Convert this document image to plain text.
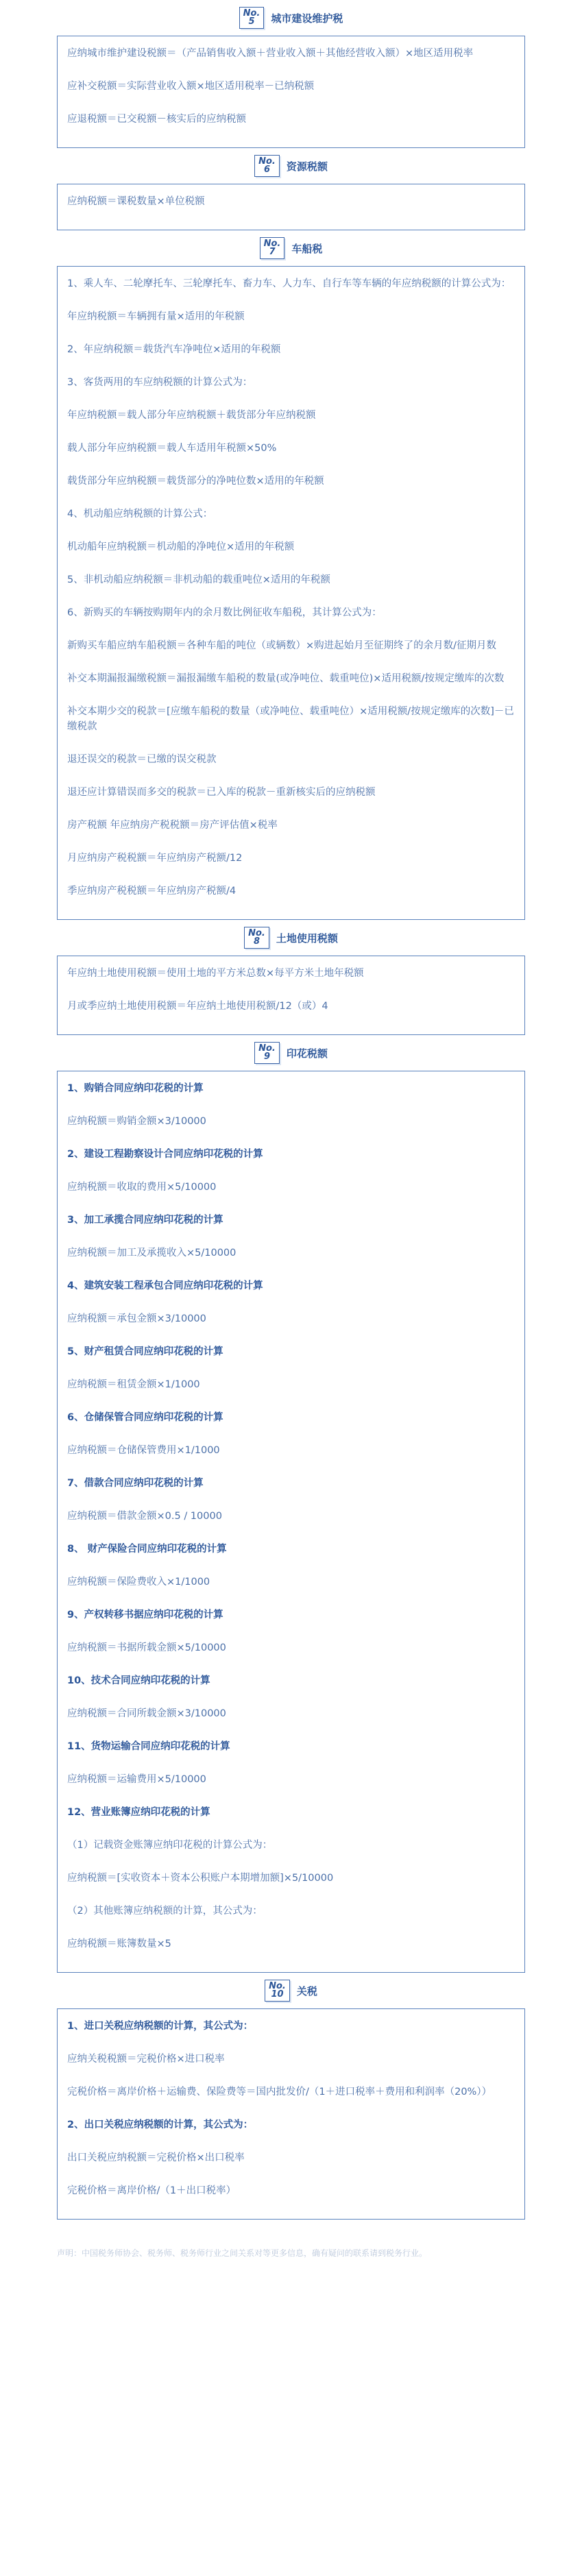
No.
5	城市建设维护税

应纳城市维护建设税额＝（产品销售收入额＋营业收入额＋其他经营收入额）×地区适用税率

应补交税额＝实际营业收入额×地区适用税率－已纳税额

应退税额＝已交税额－核实后的应纳税额

No.
6	资源税额

应纳税额＝课税数量×单位税额

No.
7	车船税

1、乘人车、二轮摩托车、三轮摩托车、畜力车、人力车、自行车等车辆的年应纳税额的计算公式为：

年应纳税额＝车辆拥有量×适用的年税额

2、年应纳税额＝载货汽车净吨位×适用的年税额

3、客货两用的车应纳税额的计算公式为：

年应纳税额＝载人部分年应纳税额＋载货部分年应纳税额

载人部分年应纳税额＝载人车适用年税额×50%

载货部分年应纳税额＝载货部分的净吨位数×适用的年税额

4、机动船应纳税额的计算公式：

机动船年应纳税额＝机动船的净吨位×适用的年税额

5、非机动船应纳税额＝非机动船的载重吨位×适用的年税额

6、新购买的车辆按购期年内的余月数比例征收车船税，其计算公式为：

新购买车船应纳车船税额＝各种车船的吨位（或辆数）×购进起始月至征期终了的余月数/征期月数

补交本期漏报漏缴税额＝漏报漏缴车船税的数量(或净吨位、载重吨位)×适用税额/按规定缴库的次数

补交本期少交的税款＝[应缴车船税的数量（或净吨位、载重吨位）×适用税额/按规定缴库的次数]－已缴税款

退还误交的税款＝已缴的误交税款

退还应计算错误而多交的税款＝已入库的税款－重新核实后的应纳税额

房产税额 年应纳房产税税额＝房产评估值×税率

月应纳房产税税额＝年应纳房产税额/12

季应纳房产税税额＝年应纳房产税额/4

No.
8	土地使用税额

年应纳土地使用税额＝使用土地的平方米总数×每平方米土地年税额

月或季应纳土地使用税额＝年应纳土地使用税额/12（或）4

No.
9	印花税额

1、购销合同应纳印花税的计算

应纳税额＝购销金额×3/10000

2、建设工程勘察设计合同应纳印花税的计算

应纳税额＝收取的费用×5/10000

3、加工承揽合同应纳印花税的计算

应纳税额＝加工及承揽收入×5/10000

4、建筑安装工程承包合同应纳印花税的计算

应纳税额＝承包金额×3/10000

5、财产租赁合同应纳印花税的计算

应纳税额＝租赁金额×1/1000

6、仓储保管合同应纳印花税的计算

应纳税额＝仓储保管费用×1/1000

7、借款合同应纳印花税的计算

应纳税额＝借款金额×0.5 / 10000

8、 财产保险合同应纳印花税的计算

应纳税额＝保险费收入×1/1000

9、产权转移书据应纳印花税的计算

应纳税额＝书据所载金额×5/10000

10、技术合同应纳印花税的计算

应纳税额＝合同所载金额×3/10000

11、货物运输合同应纳印花税的计算

应纳税额＝运输费用×5/10000

12、营业账簿应纳印花税的计算

（1）记载资金账簿应纳印花税的计算公式为：

应纳税额＝[实收资本＋资本公积账户本期增加额]×5/10000

（2）其他账簿应纳税额的计算，其公式为：

应纳税额＝账簿数量×5

No.
10 关税

1、进口关税应纳税额的计算，其公式为：

应纳关税税额＝完税价格×进口税率

完税价格＝离岸价格＋运输费、保险费等＝国内批发价/（1＋进口税率＋费用和利润率（20%））

2、出口关税应纳税额的计算，其公式为：

出口关税应纳税额＝完税价格×出口税率

完税价格＝离岸价格/（1＋出口税率）

声明：中国税务师协会、税务师、税务师行业之间关系对等更多信息，确有疑问的联系请到税务行业。
